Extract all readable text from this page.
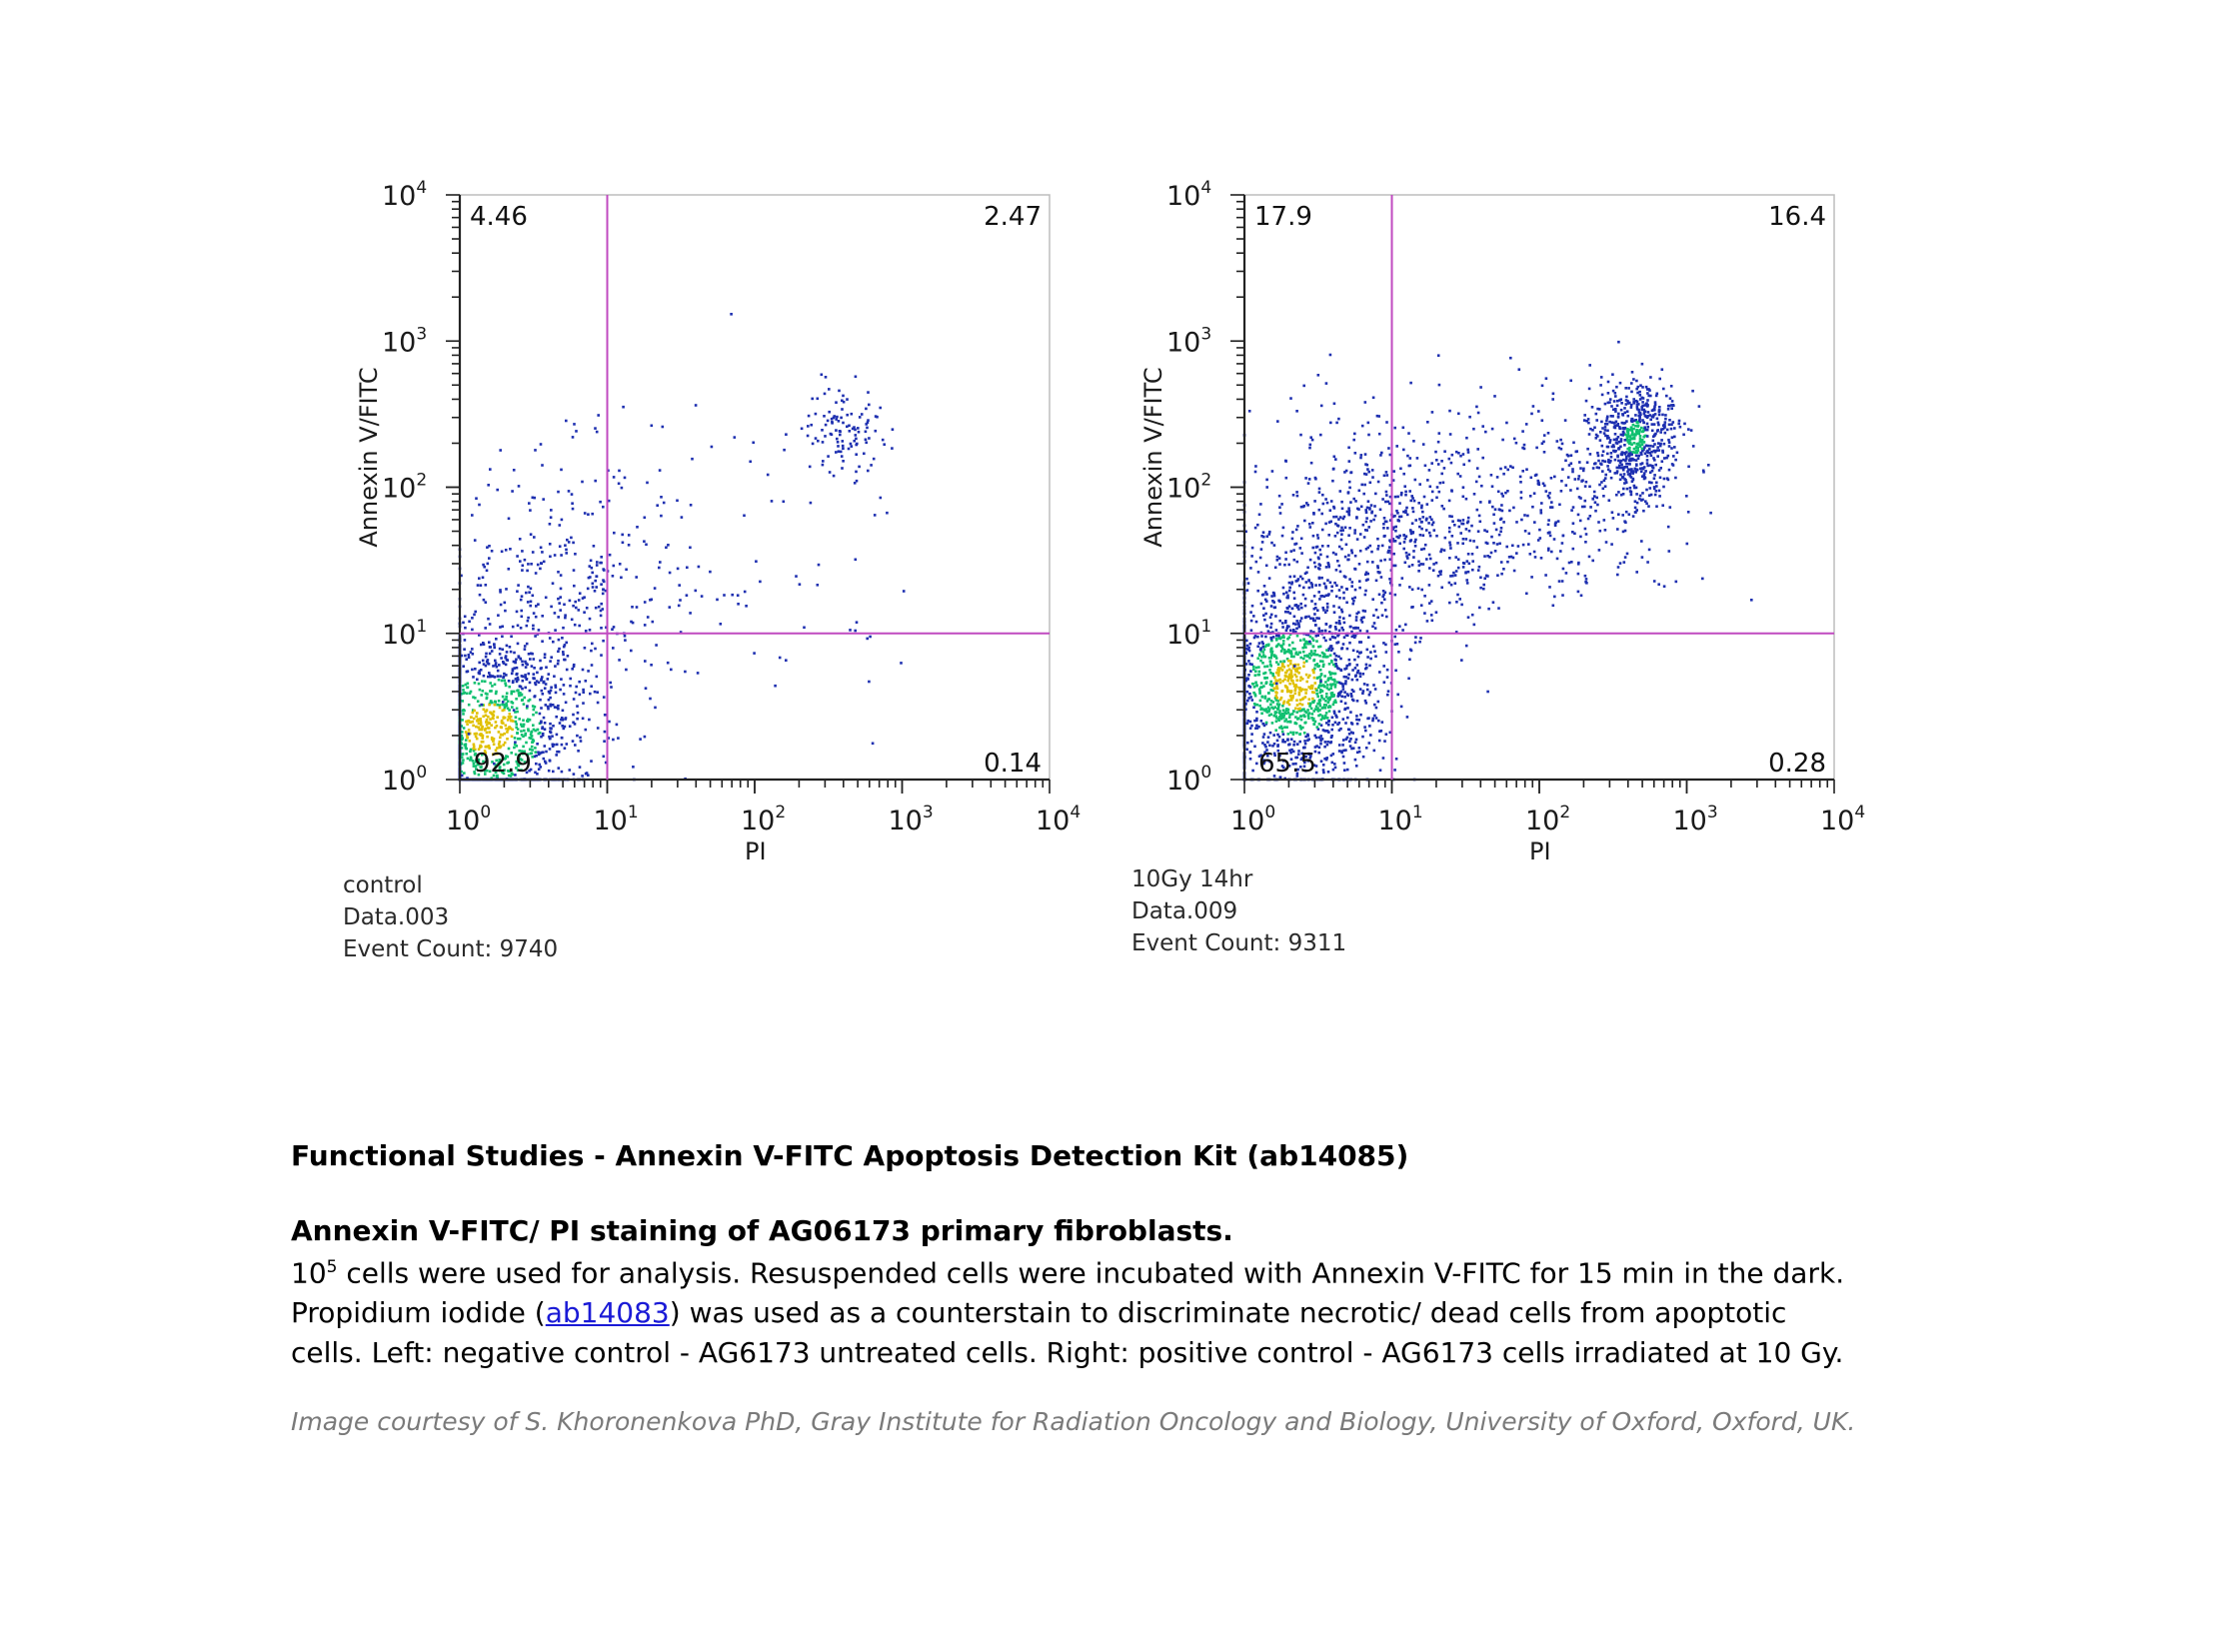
$10^0$	$10^1$	$10^2$	$10^3$	$10^4$
$10^0$
$10^1$
$10^2$
$10^3$
$10^4$
PI
Annexin V/FITC
4.46	2.47
92.9	0.14
control
Data.003
Event Count: 9740
$10^0$	$10^1$	$10^2$	$10^3$	$10^4$
$10^0$
$10^1$
$10^2$
$10^3$
$10^4$
PI
Annexin V/FITC
17.9	16.4
65.5	0.28
10Gy 14hr
Data.009
Event Count: 9311

Functional Studies - Annexin V-FITC Apoptosis Detection Kit (ab14085)

Annexin V-FITC/ PI staining of AG06173 primary fibroblasts.

$10^5$ cells were used for analysis. Resuspended cells were incubated with Annexin V-FITC for 15 min in the dark.

Propidium iodide (ab14083) was used as a counterstain to discriminate necrotic/ dead cells from apoptotic

cells. Left: negative control - AG6173 untreated cells. Right: positive control - AG6173 cells irradiated at 10 Gy.

Image courtesy of S. Khoronenkova PhD, Gray Institute for Radiation Oncology and Biology, University of Oxford, Oxford, UK.
